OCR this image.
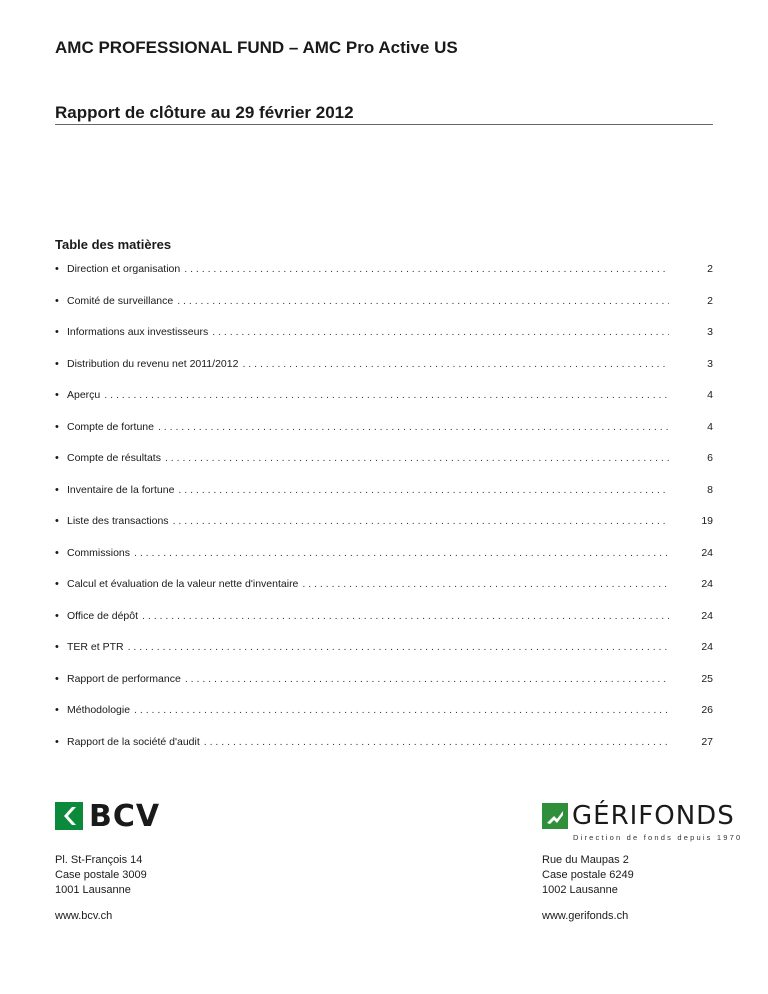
AMC PROFESSIONAL FUND – AMC Pro Active US
Rapport de clôture au 29 février 2012
Table des matières
• Direction et organisation . . .	2
• Comité de surveillance . . .	2
• Informations aux investisseurs . . .	3
• Distribution du revenu net 2011/2012 . . .	3
• Aperçu . . .	4
• Compte de fortune . . .	4
• Compte de résultats . . .	6
• Inventaire de la fortune . . .	8
• Liste des transactions . . .	19
• Commissions . . .	24
• Calcul et évaluation de la valeur nette d'inventaire . . .	24
• Office de dépôt . . .	24
• TER et PTR . . .	24
• Rapport de performance . . .	25
• Méthodologie . . .	26
• Rapport de la société d'audit . . .	27
BCV	GÉRIFONDS
Direction de fonds depuis 1970

Pl. St-François 14

Case postale 3009

1001 Lausanne

www.bcv.ch

Rue du Maupas 2

Case postale 6249

1002 Lausanne

www.gerifonds.ch
